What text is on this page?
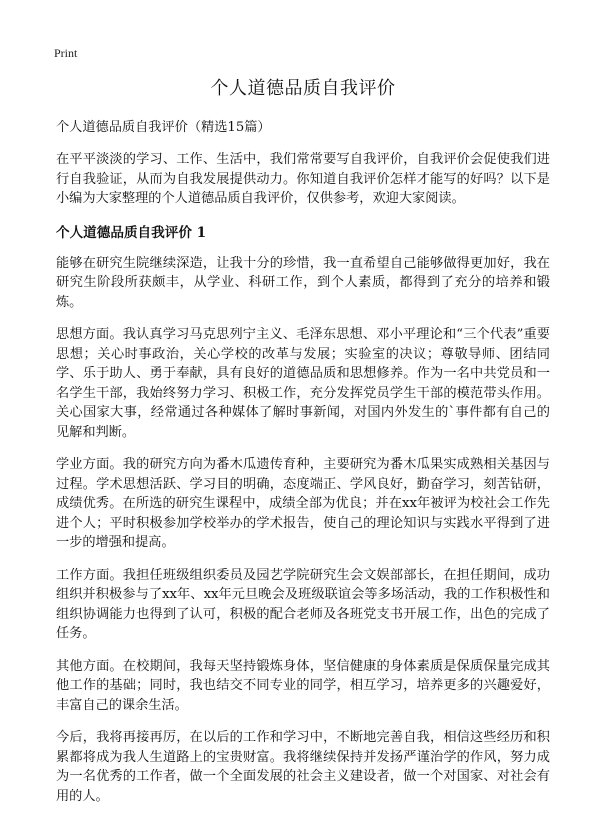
Print
个人道德品质自我评价

个人道德品质自我评价（精选15篇）

在平平淡淡的学习、工作、生活中，我们常常要写自我评价，自我评价会促使我们进行自我验证，从而为自我发展提供动力。你知道自我评价怎样才能写的好吗？以下是小编为大家整理的个人道德品质自我评价，仅供参考，欢迎大家阅读。

个人道德品质自我评价 1

能够在研究生院继续深造，让我十分的珍惜，我一直希望自己能够做得更加好，我在研究生阶段所获颇丰，从学业、科研工作，到个人素质，都得到了充分的培养和锻炼。

思想方面。我认真学习马克思列宁主义、毛泽东思想、邓小平理论和“三个代表”重要思想；关心时事政治，关心学校的改革与发展；实验室的决议；尊敬导师、团结同学、乐于助人、勇于奉献，具有良好的道德品质和思想修养。作为一名中共党员和一名学生干部，我始终努力学习、积极工作，充分发挥党员学生干部的模范带头作用。关心国家大事，经常通过各种媒体了解时事新闻，对国内外发生的`事件都有自己的见解和判断。

学业方面。我的研究方向为番木瓜遗传育种，主要研究为番木瓜果实成熟相关基因与过程。学术思想活跃、学习目的明确，态度端正、学风良好，勤奋学习，刻苦钻研，成绩优秀。在所选的研究生课程中，成绩全部为优良；并在xx年被评为校社会工作先进个人；平时积极参加学校举办的学术报告，使自己的理论知识与实践水平得到了进一步的增强和提高。

工作方面。我担任班级组织委员及园艺学院研究生会文娱部部长，在担任期间，成功组织并积极参与了xx年、xx年元旦晚会及班级联谊会等多场活动，我的工作积极性和组织协调能力也得到了认可，积极的配合老师及各班党支书开展工作，出色的完成了任务。

其他方面。在校期间，我每天坚持锻炼身体，坚信健康的身体素质是保质保量完成其他工作的基础；同时，我也结交不同专业的同学，相互学习，培养更多的兴趣爱好，丰富自己的课余生活。

今后，我将再接再厉，在以后的工作和学习中，不断地完善自我，相信这些经历和积累都将成为我人生道路上的宝贵财富。我将继续保持并发扬严谨治学的作风，努力成为一名优秀的工作者，做一个全面发展的社会主义建设者，做一个对国家、对社会有用的人。
